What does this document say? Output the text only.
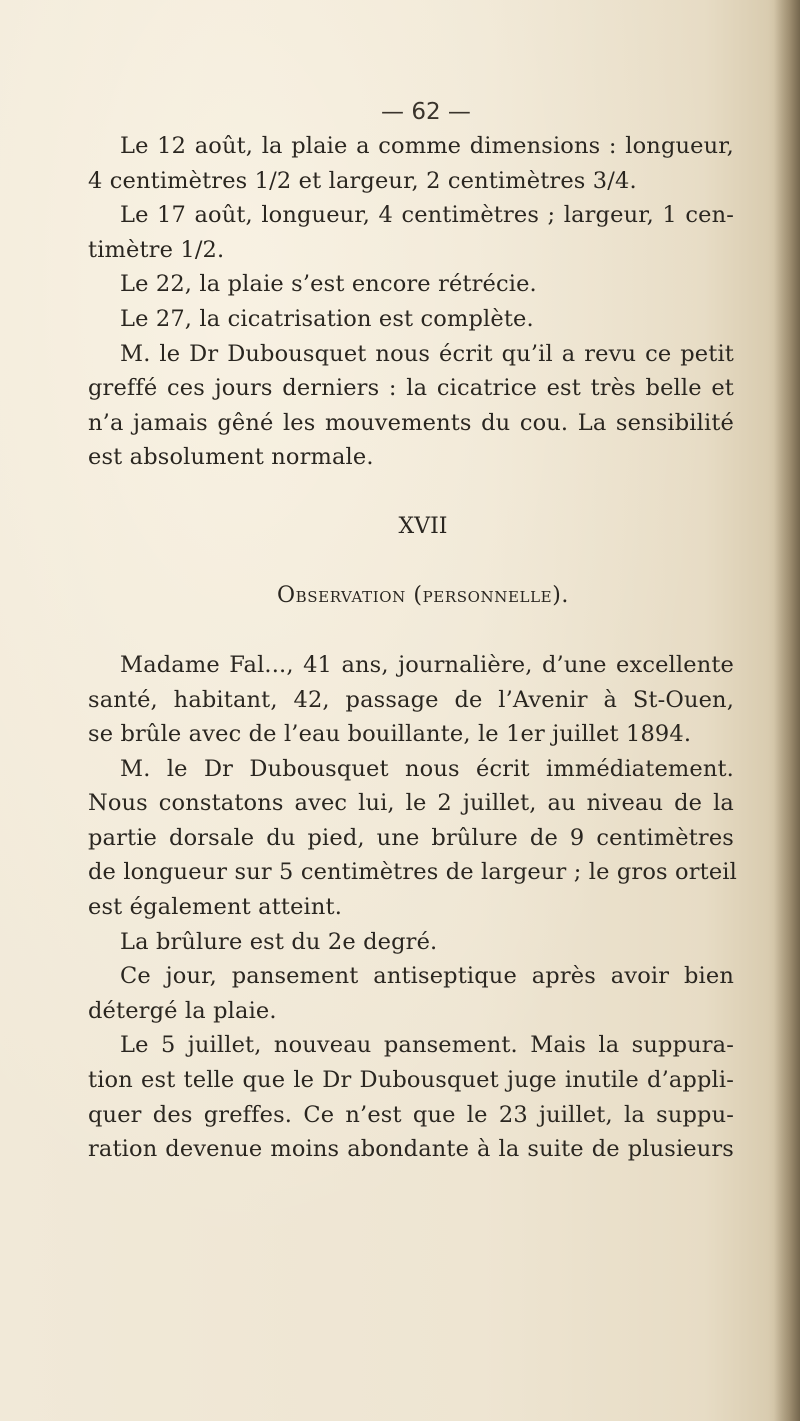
— 62 —
Le 12 août, la plaie a comme dimensions : longueur,
4 centimètres 1/2 et largeur, 2 centimètres 3/4.
Le 17 août, longueur, 4 centimètres ; largeur, 1 cen-
timètre 1/2.
Le 22, la plaie s’est encore rétrécie.
Le 27, la cicatrisation est complète.
M. le Dr Dubousquet nous écrit qu’il a revu ce petit
greffé ces jours derniers : la cicatrice est très belle et
n’a jamais gêné les mouvements du cou. La sensibilité
est absolument normale.
XVII
Observation (personnelle).
Madame Fal..., 41 ans, journalière, d’une excellente
santé, habitant, 42, passage de l’Avenir à St-Ouen,
se brûle avec de l’eau bouillante, le 1er juillet 1894.
M. le Dr Dubousquet nous écrit immédiatement.
Nous constatons avec lui, le 2 juillet, au niveau de la
partie dorsale du pied, une brûlure de 9 centimètres
de longueur sur 5 centimètres de largeur ; le gros orteil
est également atteint.
La brûlure est du 2e degré.
Ce jour, pansement antiseptique après avoir bien
détergé la plaie.
Le 5 juillet, nouveau pansement. Mais la suppura-
tion est telle que le Dr Dubousquet juge inutile d’appli-
quer des greffes. Ce n’est que le 23 juillet, la suppu-
ration devenue moins abondante à la suite de plusieurs
